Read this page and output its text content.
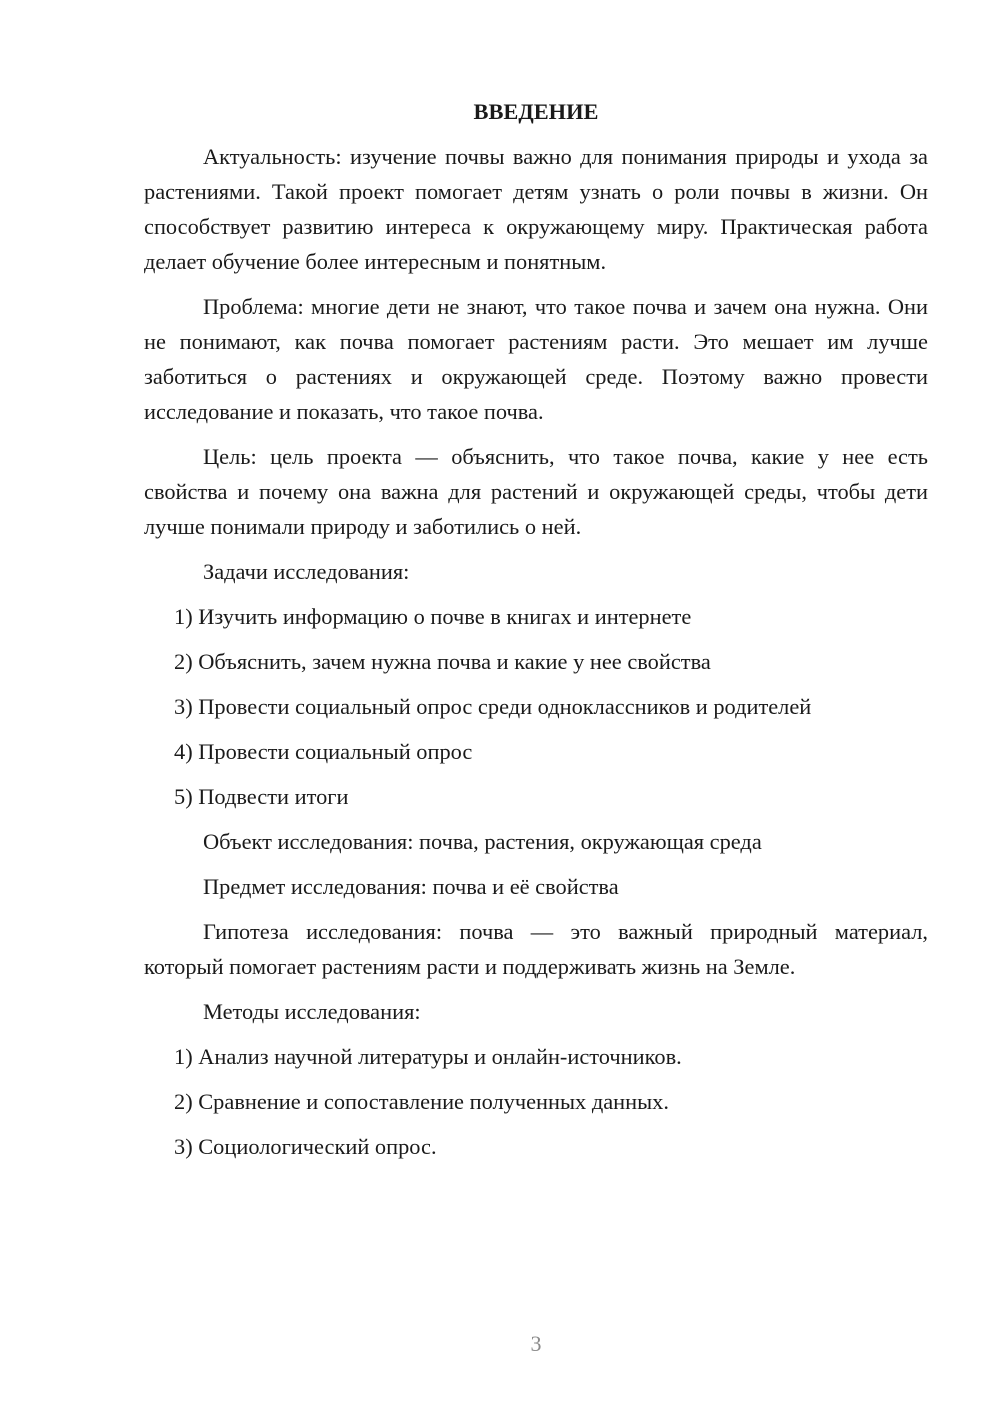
ВВЕДЕНИЕ

Актуальность: изучение почвы важно для понимания природы и ухода за растениями. Такой проект помогает детям узнать о роли почвы в жизни. Он способствует развитию интереса к окружающему миру. Практическая работа делает обучение более интересным и понятным.

Проблема: многие дети не знают, что такое почва и зачем она нужна. Они не понимают, как почва помогает растениям расти. Это мешает им лучше заботиться о растениях и окружающей среде. Поэтому важно провести исследование и показать, что такое почва.

Цель: цель проекта — объяснить, что такое почва, какие у нее есть свойства и почему она важна для растений и окружающей среды, чтобы дети лучше понимали природу и заботились о ней.

Задачи исследования:
1) Изучить информацию о почве в книгах и интернете
2) Объяснить, зачем нужна почва и какие у нее свойства
3) Провести социальный опрос среди одноклассников и родителей
4) Провести социальный опрос
5) Подвести итоги
Объект исследования: почва, растения, окружающая среда
Предмет исследования: почва и её свойства

Гипотеза исследования: почва — это важный природный материал, который помогает растениям расти и поддерживать жизнь на Земле.

Методы исследования:
1) Анализ научной литературы и онлайн-источников.
2) Сравнение и сопоставление полученных данных.
3) Социологический опрос.
3
